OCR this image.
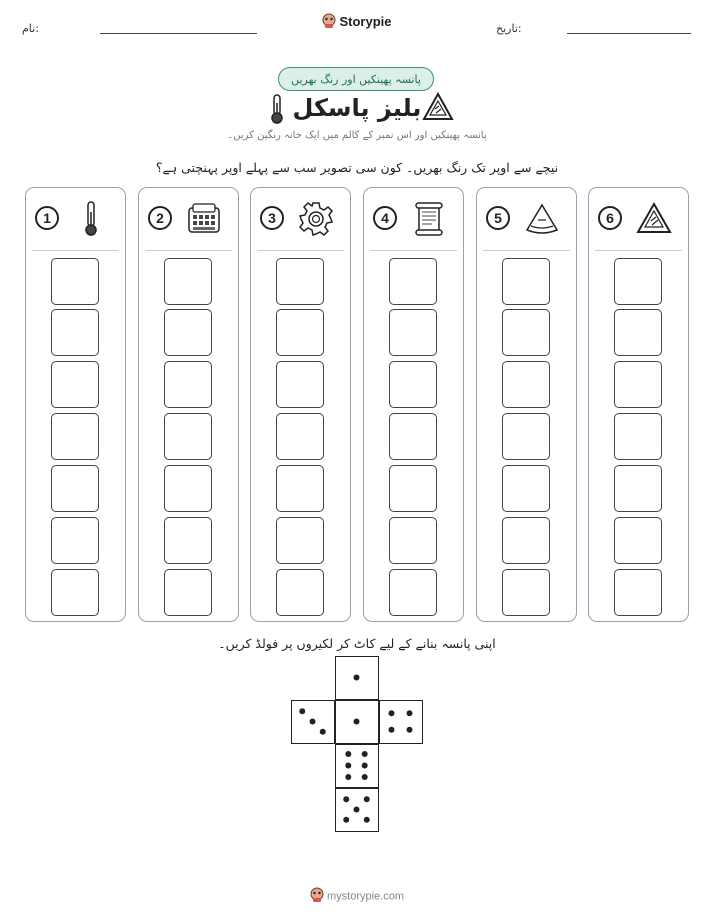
نام:	Storypie	تاریخ:
پانسہ پھینکیں اور رنگ بھریں
بلیز پاسکل
پانسہ پھینکیں اور اس نمبر کے کالم میں ایک خانہ رنگین کریں۔
نیچے سے اوپر تک رنگ بھریں۔ کون سی تصویر سب سے پہلے اوپر پہنچتی ہے؟
1	2	3	4	5	6
اپنی پانسہ بنانے کے لیے کاٹ کر لکیروں پر فولڈ کریں۔
mystorypie.com
